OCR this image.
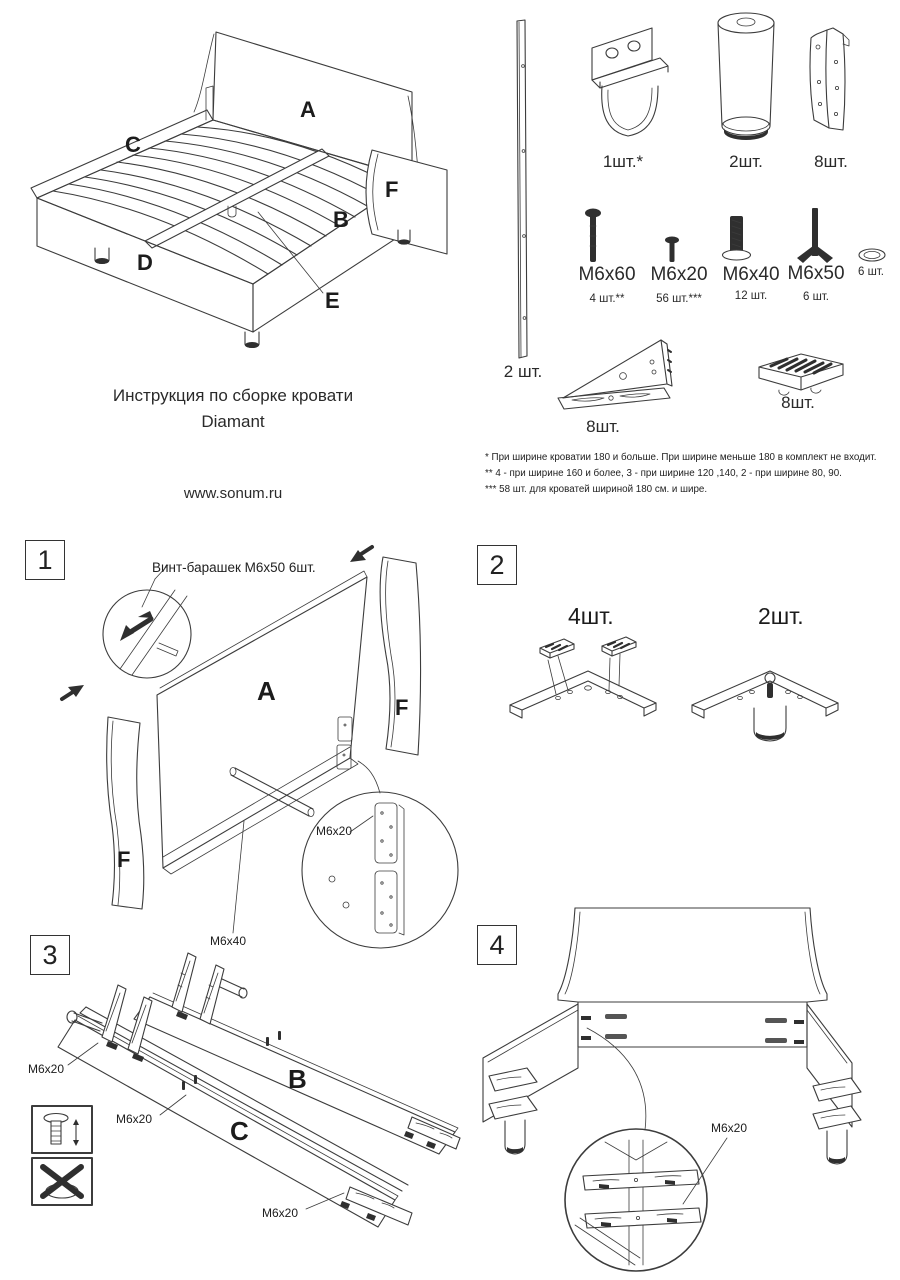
A
C
F
B
D
E
Инструкция по сборке кровати
Diamant
www.sonum.ru
2 шт.
1шт.*	2шт.	8шт.
М6х60
4 шт.**
М6х20
56 шт.***
М6х40
12 шт.
М6х50
6 шт.
6 шт.
8шт.
8шт.
* При ширине кроватии 180 и больше. При ширине меньше 180 в комплект не входит.
** 4 - при ширине 160 и более, 3 - при ширине 120 ,140, 2 - при ширине 80, 90.
*** 58 шт. для кроватей шириной 180 см. и шире.
1	Винт-барашек М6х50 6шт.
A
F
F
М6х20
М6х40
2
4шт.	2шт.
3
М6х20
М6х20
М6х20
B
C
4
М6х20
